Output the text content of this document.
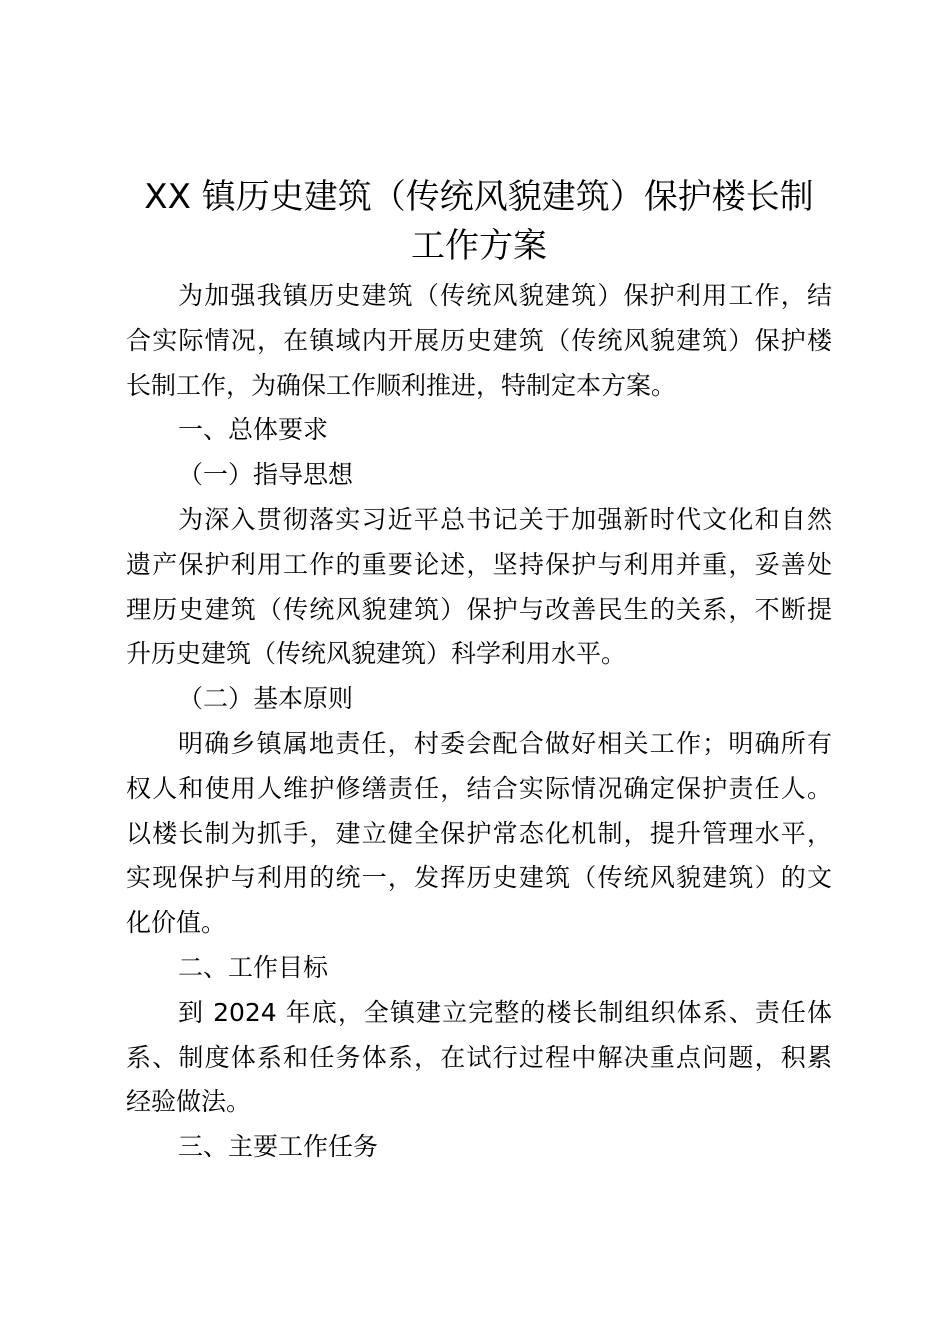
XX 镇历史建筑（传统风貌建筑）保护楼长制
工作方案
为加强我镇历史建筑（传统风貌建筑）保护利用工作，结
合实际情况，在镇域内开展历史建筑（传统风貌建筑）保护楼
长制工作，为确保工作顺利推进，特制定本方案。
一、总体要求
（一）指导思想
为深入贯彻落实习近平总书记关于加强新时代文化和自然
遗产保护利用工作的重要论述，坚持保护与利用并重，妥善处
理历史建筑（传统风貌建筑）保护与改善民生的关系，不断提
升历史建筑（传统风貌建筑）科学利用水平。
（二）基本原则
明确乡镇属地责任，村委会配合做好相关工作；明确所有
权人和使用人维护修缮责任，结合实际情况确定保护责任人。
以楼长制为抓手，建立健全保护常态化机制，提升管理水平，
实现保护与利用的统一，发挥历史建筑（传统风貌建筑）的文
化价值。
二、工作目标
到 2024 年底，全镇建立完整的楼长制组织体系、责任体
系、制度体系和任务体系，在试行过程中解决重点问题，积累
经验做法。
三、主要工作任务
